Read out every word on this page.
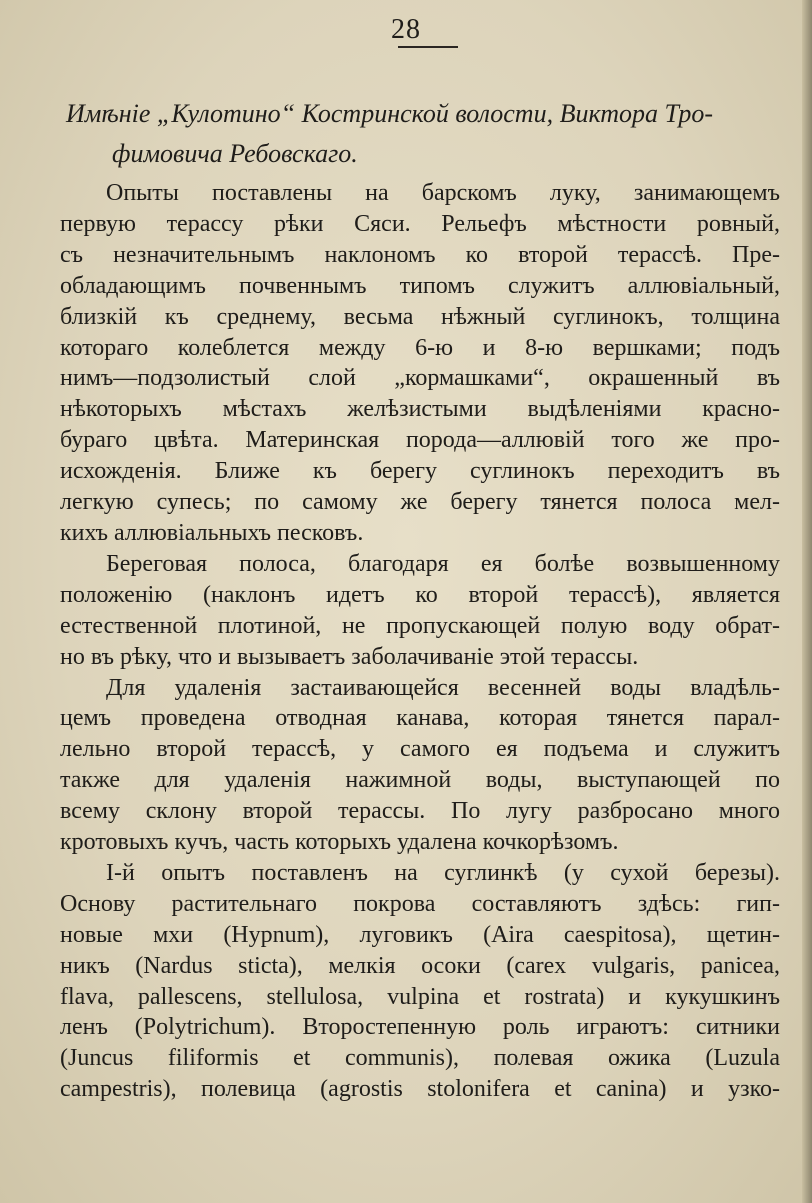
28
Имѣніе „Кулотино“ Костринской волости, Виктора Тро-
фимовича Ребовскаго.
Опыты поставлены на барскомъ луку, занимающемъ
первую терассу рѣки Сяси. Рельефъ мѣстности ровный,
съ незначительнымъ наклономъ ко второй терассѣ. Пре-
обладающимъ почвеннымъ типомъ служитъ аллювіальный,
близкій къ среднему, весьма нѣжный суглинокъ, толщина
котораго колеблется между 6-ю и 8-ю вершками; подъ
нимъ—подзолистый слой „кормашками“, окрашенный въ
нѣкоторыхъ мѣстахъ желѣзистыми выдѣленіями красно-
бураго цвѣта. Материнская порода—аллювій того же про-
исхожденія. Ближе къ берегу суглинокъ переходитъ въ
легкую супесь; по самому же берегу тянется полоса мел-
кихъ аллювіальныхъ песковъ.
Береговая полоса, благодаря ея болѣе возвышенному
положенію (наклонъ идетъ ко второй терассѣ), является
естественной плотиной, не пропускающей полую воду обрат-
но въ рѣку, что и вызываетъ заболачиваніе этой терассы.
Для удаленія застаивающейся весенней воды владѣль-
цемъ проведена отводная канава, которая тянется парал-
лельно второй терассѣ, у самого ея подъема и служитъ
также для удаленія нажимной воды, выступающей по
всему склону второй терассы. По лугу разбросано много
кротовыхъ кучъ, часть которыхъ удалена кочкорѣзомъ.
I-й опытъ поставленъ на суглинкѣ (у сухой березы).
Основу растительнаго покрова составляютъ здѣсь: гип-
новые мхи (Hypnum), луговикъ (Aira caespitosa), щетин-
никъ (Nardus sticta), мелкія осоки (carex vulgaris, panicea,
flava, pallescens, stellulosa, vulpina et rostrata) и кукушкинъ
ленъ (Polytrichum). Второстепенную роль играютъ: ситники
(Juncus filiformis et communis), полевая ожика (Luzula
campestris), полевица (agrostis stolonifera et canina) и узко-
